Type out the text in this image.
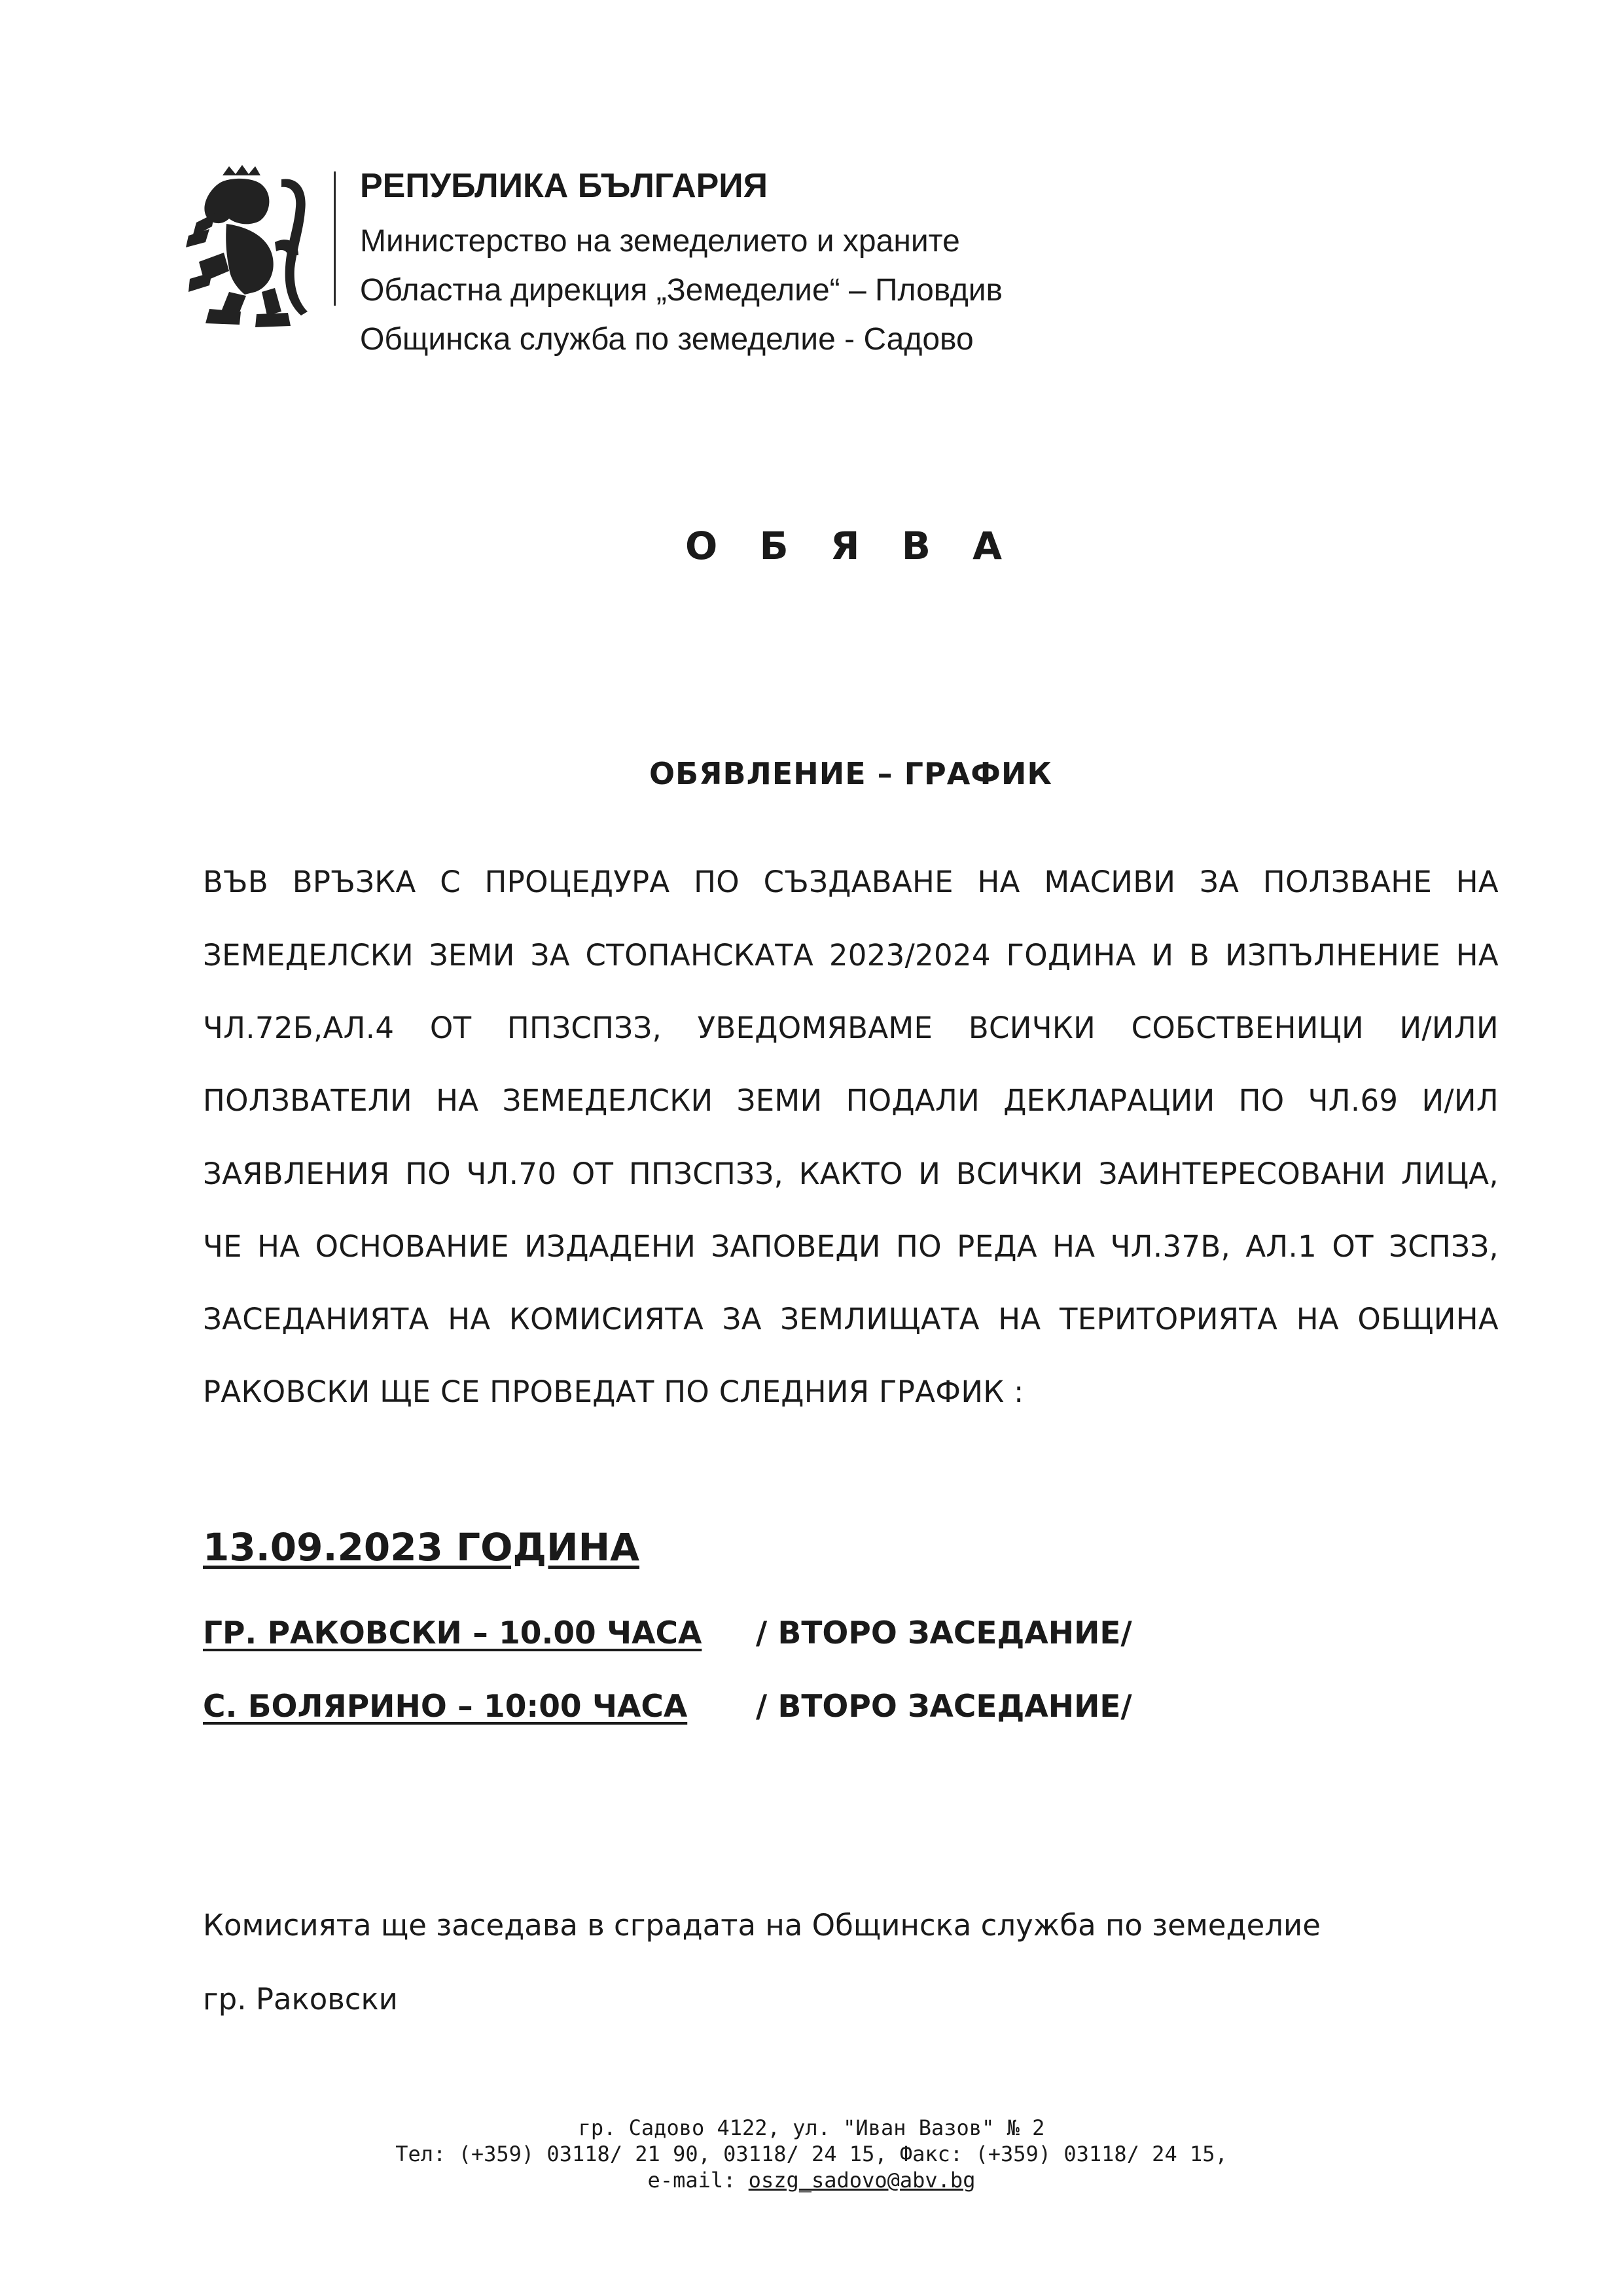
РЕПУБЛИКА БЪЛГАРИЯ
Министерство на земеделието и храните
Областна дирекция „Земеделие“ – Пловдив
Общинска служба по земеделие - Садово
О Б Я В А
ОБЯВЛЕНИЕ – ГРАФИК
ВЪВ ВРЪЗКА С ПРОЦЕДУРА ПО СЪЗДАВАНЕ НА МАСИВИ ЗА ПОЛЗВАНЕ НА
ЗЕМЕДЕЛСКИ ЗЕМИ ЗА СТОПАНСКАТА 2023/2024 ГОДИНА И В ИЗПЪЛНЕНИЕ НА
ЧЛ.72Б,АЛ.4 ОТ ППЗСПЗЗ, УВЕДОМЯВАМЕ ВСИЧКИ СОБСТВЕНИЦИ И/ИЛИ
ПОЛЗВАТЕЛИ НА ЗЕМЕДЕЛСКИ ЗЕМИ ПОДАЛИ ДЕКЛАРАЦИИ ПО ЧЛ.69 И/ИЛ
ЗАЯВЛЕНИЯ ПО ЧЛ.70 ОТ ППЗСПЗЗ, КАКТО И ВСИЧКИ ЗАИНТЕРЕСОВАНИ ЛИЦА,
ЧЕ НА ОСНОВАНИЕ ИЗДАДЕНИ ЗАПОВЕДИ ПО РЕДА НА ЧЛ.37В, АЛ.1 ОТ ЗСПЗЗ,
ЗАСЕДАНИЯТА НА КОМИСИЯТА ЗА ЗЕМЛИЩАТА НА ТЕРИТОРИЯТА НА ОБЩИНА
РАКОВСКИ ЩЕ СЕ ПРОВЕДАТ ПО СЛЕДНИЯ ГРАФИК :
13.09.2023 ГОДИНА
ГР. РАКОВСКИ – 10.00 ЧАСА / ВТОРО ЗАСЕДАНИЕ/
С. БОЛЯРИНО – 10:00 ЧАСА	/ ВТОРО ЗАСЕДАНИЕ/
Комисията ще заседава в сградата на Общинска служба по земеделие
гр. Раковски
гр. Садово 4122, ул. "Иван Вазов" № 2
Тел: (+359) 03118/ 21 90, 03118/ 24 15, Факс: (+359) 03118/ 24 15,
e-mail: oszg_sadovo@abv.bg
